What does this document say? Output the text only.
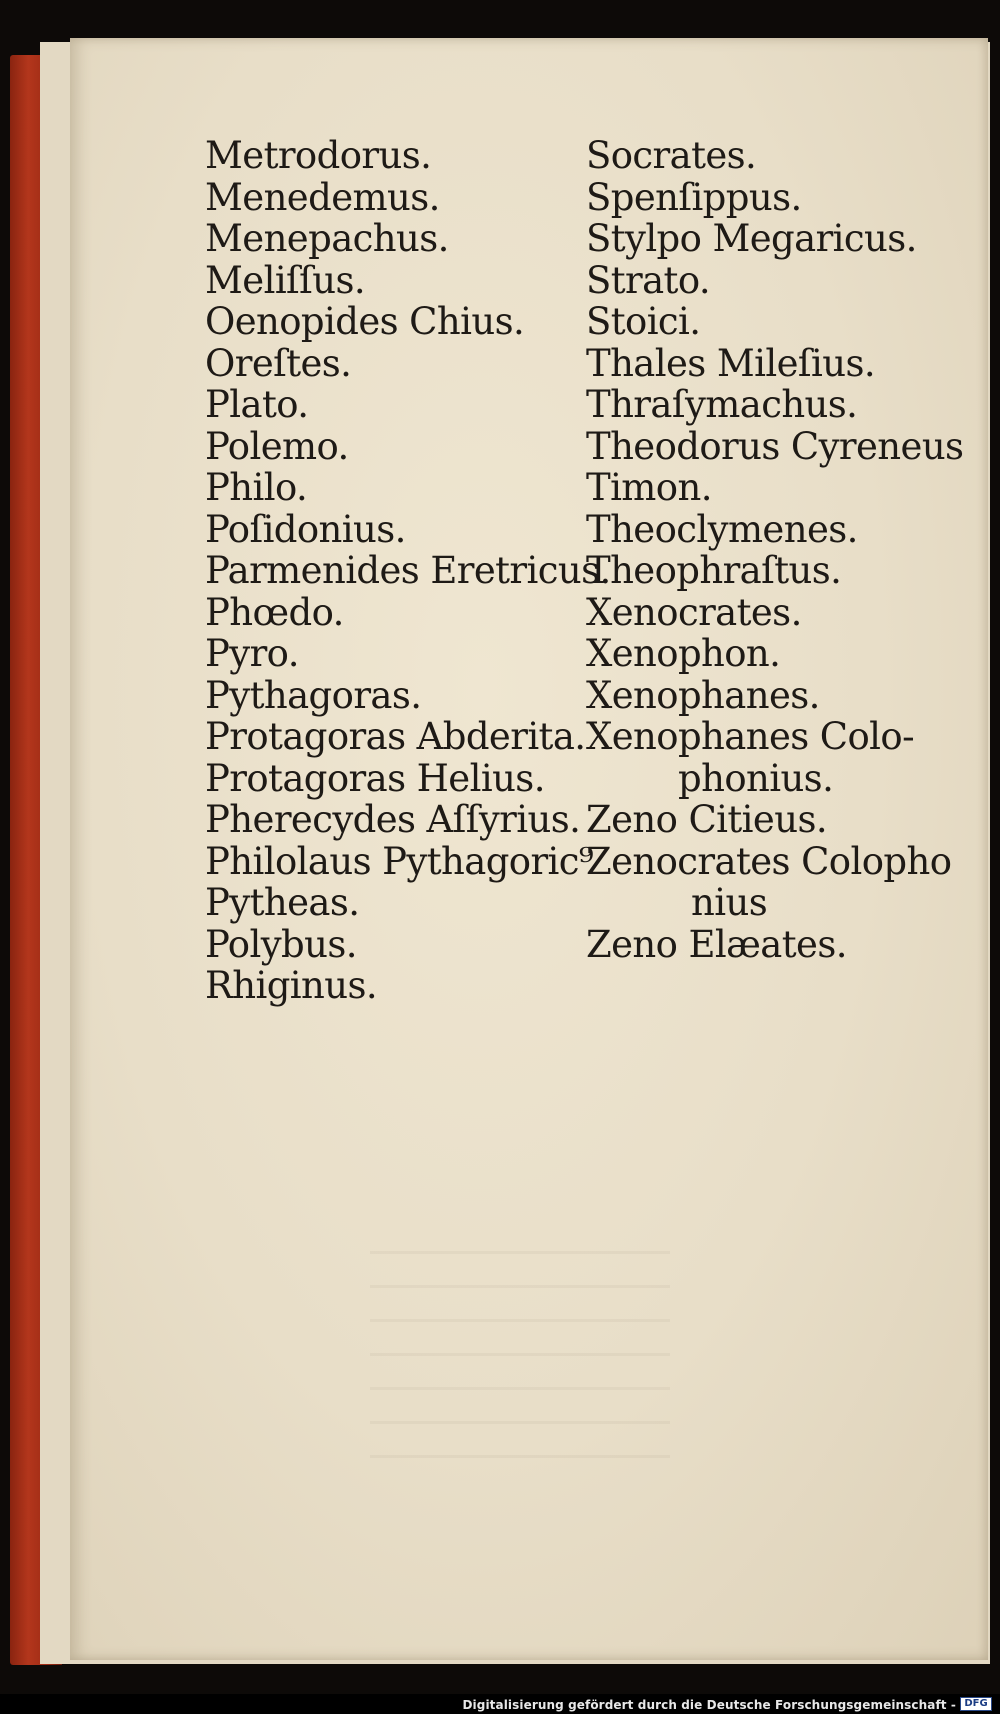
Metrodorus.
Menedemus.
Menepachus.
Meliſſus.
Oenopides Chius.
Oreſtes.
Plato.
Polemo.
Philo.
Poſidonius.
Parmenides Eretricus.
Phœdo.
Pyro.
Pythagoras.
Protagoras Abderita.
Protagoras Helius.
Pherecydes Aſſyrius.
Philolaus Pythagoric⁹
Pytheas.
Polybus.
Rhiginus.
Socrates.
Spenſippus.
Stylpo Megaricus.
Strato.
Stoici.
Thales Mileſius.
Thraſymachus.
Theodorus Cyreneus
Timon.
Theoclymenes.
Theophraſtus.
Xenocrates.
Xenophon.
Xenophanes.
Xenophanes Colo-
phonius.
Zeno Citieus.
Zenocrates Colopho
nius
Zeno Elæates.
Digitalisierung gefördert durch die Deutsche Forschungsgemeinschaft - DFG
